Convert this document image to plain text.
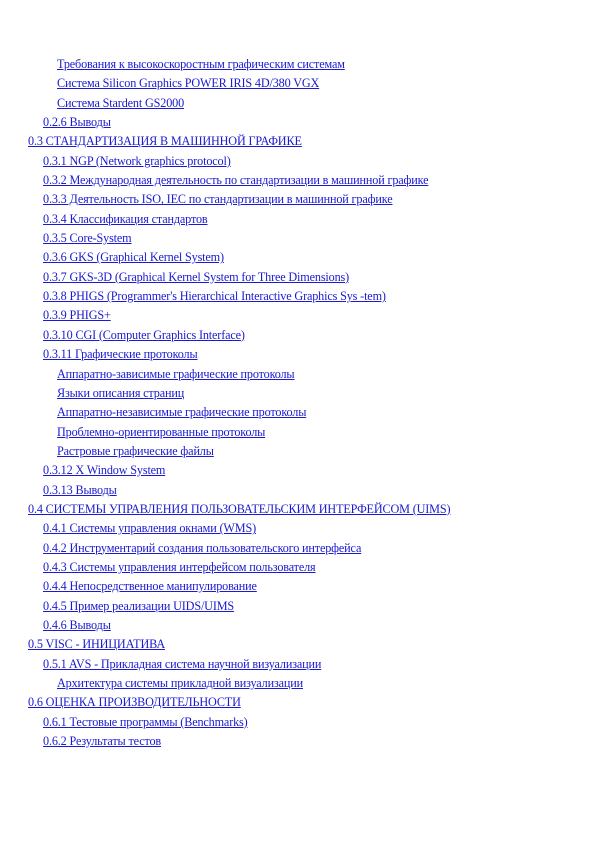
Требования к высокоскоростным графическим системам
Система Silicon Graphics POWER IRIS 4D/380 VGX
Система Stardent GS2000
0.2.6 Выводы
0.3 СТАНДАРТИЗАЦИЯ В МАШИННОЙ ГРАФИКЕ
0.3.1 NGP (Network graphics protocol)
0.3.2 Международная деятельность по стандартизации в машинной графике
0.3.3 Деятельность ISO, IEC по стандартизации в машинной графике
0.3.4 Классификация стандартов
0.3.5 Core-System
0.3.6 GKS (Graphical Kernel System)
0.3.7 GKS-3D (Graphical Kernel System for Three Dimensions)
0.3.8 PHIGS (Programmer's Hierarchical Interactive Graphics Sys -tem)
0.3.9 PHIGS+
0.3.10 CGI (Computer Graphics Interface)
0.3.11 Графические протоколы
Аппаратно-зависимые графические протоколы
Языки описания страниц
Аппаратно-независимые графические протоколы
Проблемно-ориентированные протоколы
Растровые графические файлы
0.3.12 X Window System
0.3.13 Выводы
0.4 СИСТЕМЫ УПРАВЛЕНИЯ ПОЛЬЗОВАТЕЛЬСКИМ ИНТЕРФЕЙСОМ (UIMS)
0.4.1 Системы управления окнами (WMS)
0.4.2 Инструментарий создания пользовательского интерфейса
0.4.3 Системы управления интерфейсом пользователя
0.4.4 Непосредственное манипулирование
0.4.5 Пример реализации UIDS/UIMS
0.4.6 Выводы
0.5 VISC - ИНИЦИАТИВА
0.5.1 AVS - Прикладная система научной визуализации
Архитектура системы прикладной визуализации
0.6 ОЦЕНКА ПРОИЗВОДИТЕЛЬНОСТИ
0.6.1 Тестовые программы (Benchmarks)
0.6.2 Результаты тестов
